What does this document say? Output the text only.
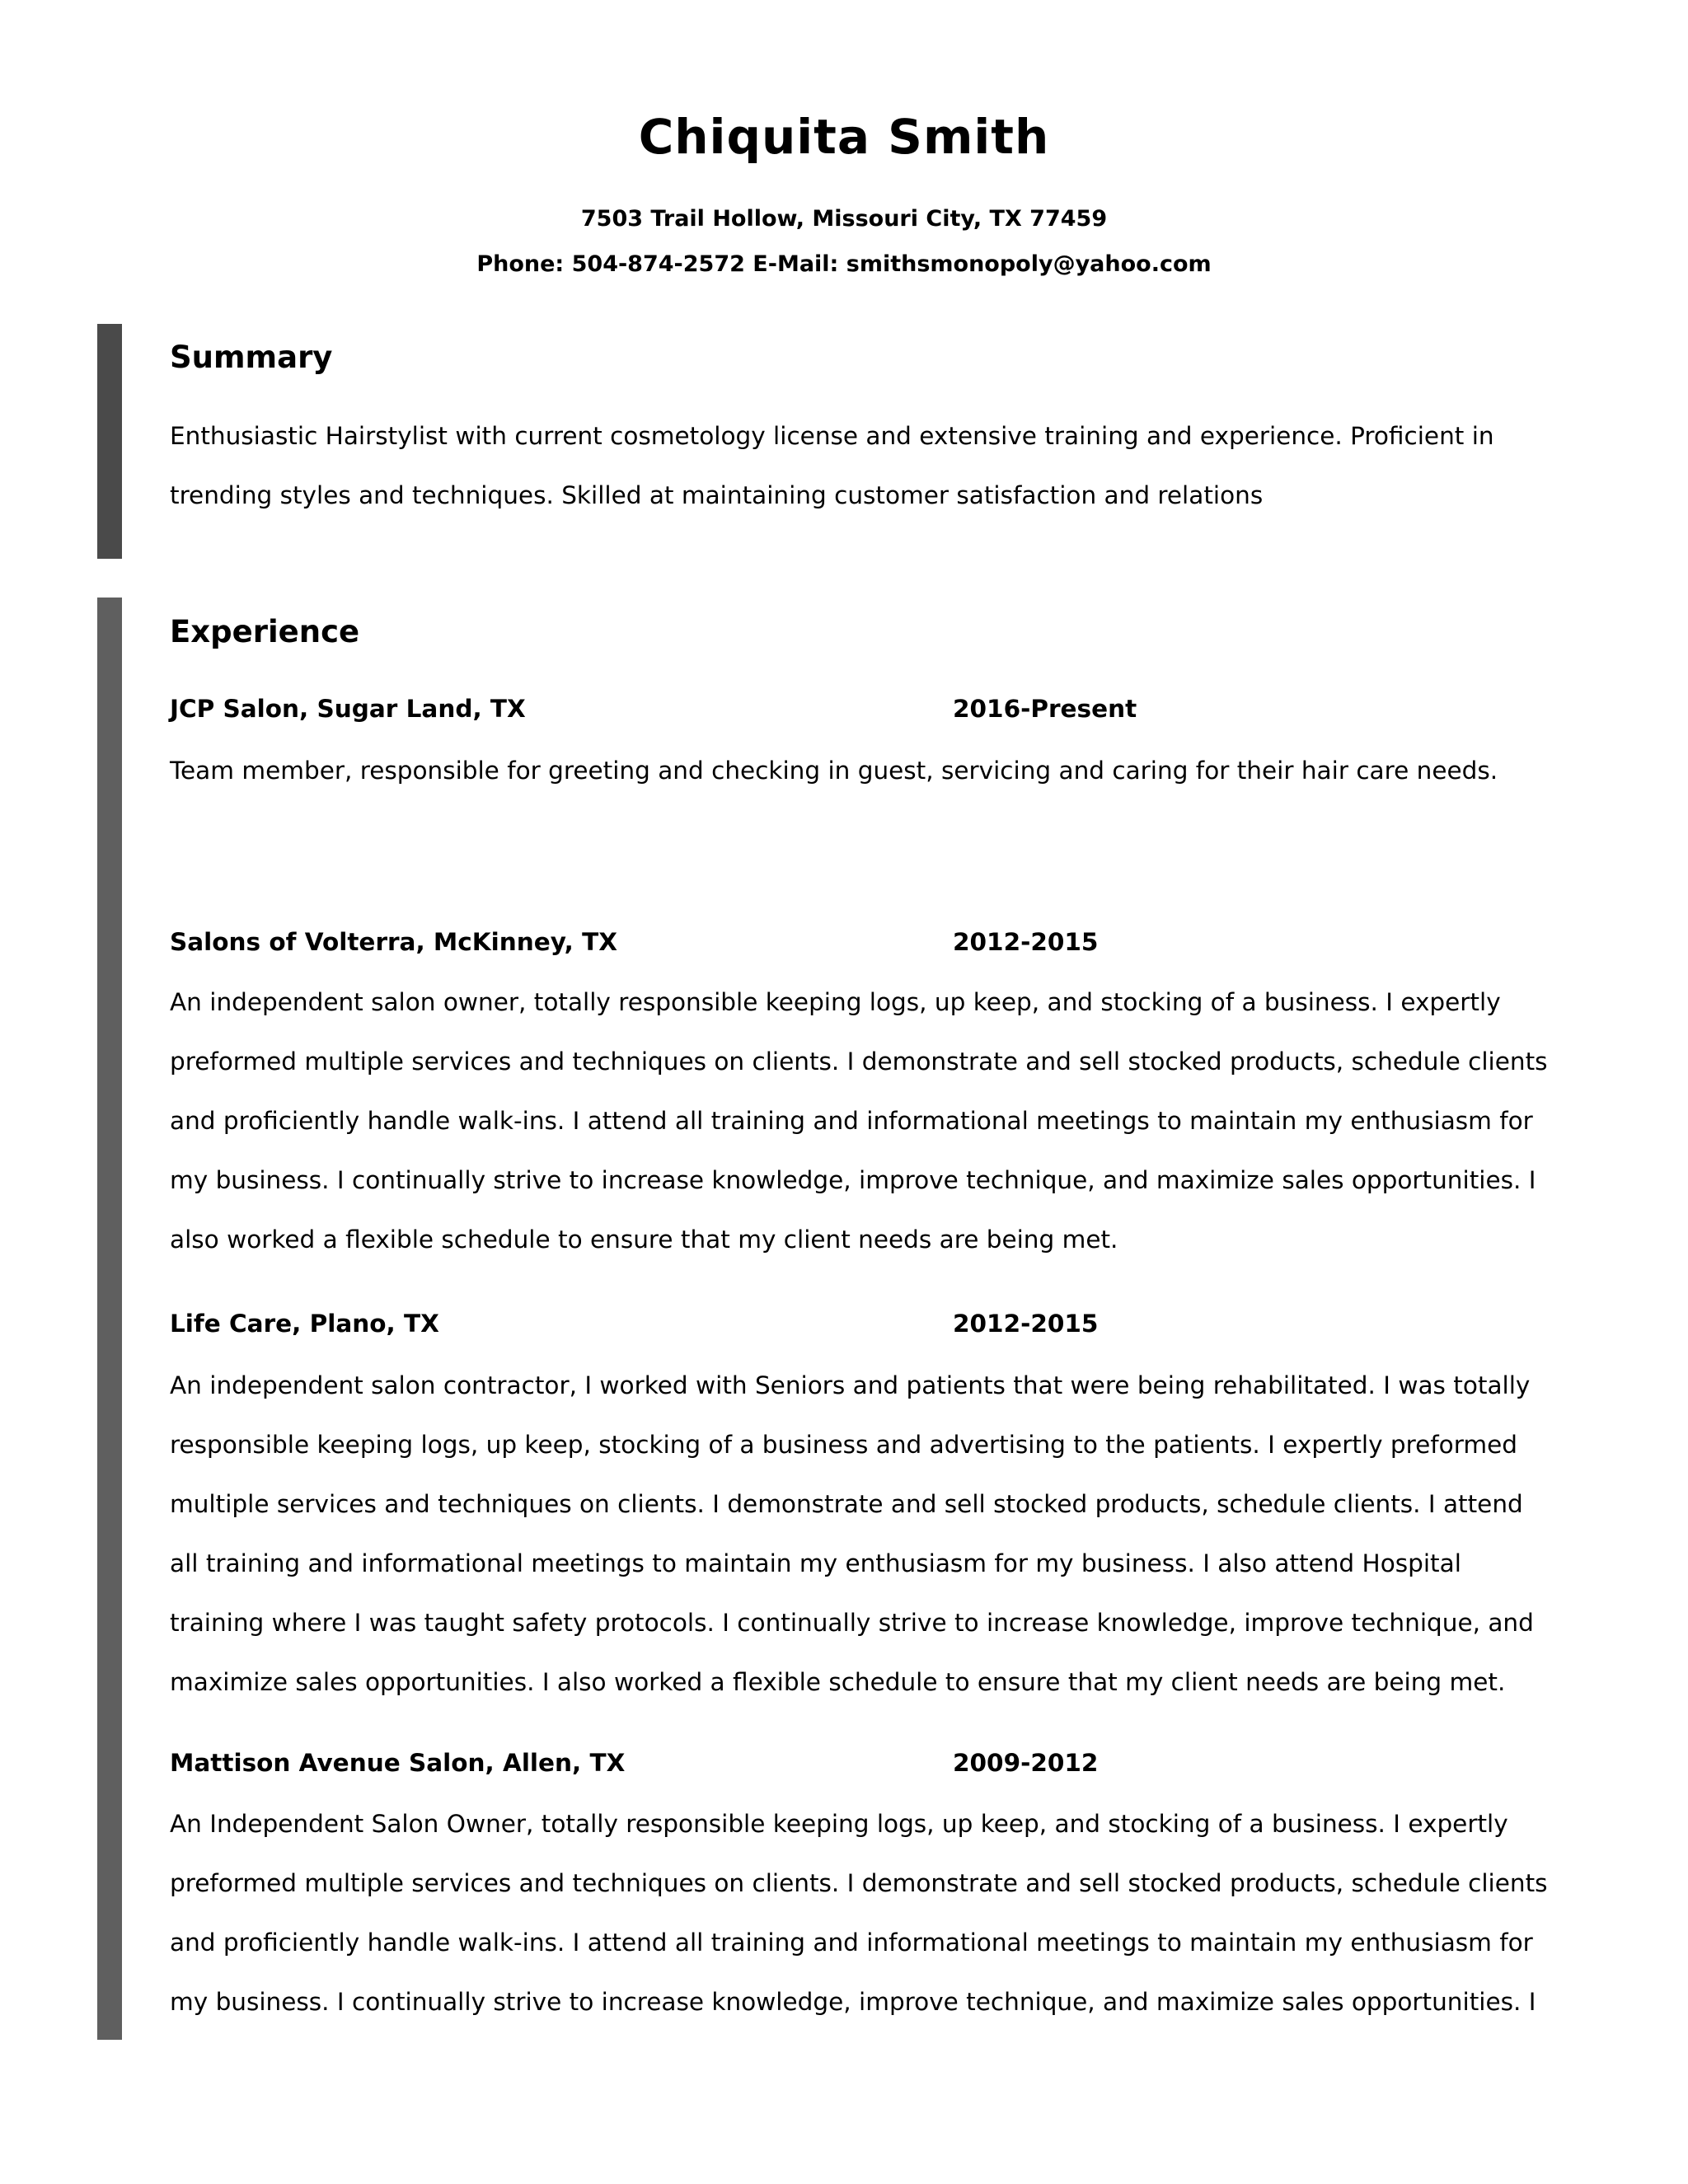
Chiquita Smith
7503 Trail Hollow, Missouri City, TX 77459
Phone: 504-874-2572 E-Mail: smithsmonopoly@yahoo.com
Summary
Enthusiastic Hairstylist with current cosmetology license and extensive training and experience. Proficient in
trending styles and techniques. Skilled at maintaining customer satisfaction and relations
Experience
JCP Salon, Sugar Land, TX	2016-Present
Team member, responsible for greeting and checking in guest, servicing and caring for their hair care needs.
Salons of Volterra, McKinney, TX	2012-2015
An independent salon owner, totally responsible keeping logs, up keep, and stocking of a business. I expertly
preformed multiple services and techniques on clients. I demonstrate and sell stocked products, schedule clients
and proficiently handle walk-ins. I attend all training and informational meetings to maintain my enthusiasm for
my business. I continually strive to increase knowledge, improve technique, and maximize sales opportunities. I
also worked a flexible schedule to ensure that my client needs are being met.
Life Care, Plano, TX	2012-2015
An independent salon contractor, I worked with Seniors and patients that were being rehabilitated. I was totally
responsible keeping logs, up keep, stocking of a business and advertising to the patients. I expertly preformed
multiple services and techniques on clients. I demonstrate and sell stocked products, schedule clients. I attend
all training and informational meetings to maintain my enthusiasm for my business. I also attend Hospital
training where I was taught safety protocols. I continually strive to increase knowledge, improve technique, and
maximize sales opportunities. I also worked a flexible schedule to ensure that my client needs are being met.
Mattison Avenue Salon, Allen, TX	2009-2012
An Independent Salon Owner, totally responsible keeping logs, up keep, and stocking of a business. I expertly
preformed multiple services and techniques on clients. I demonstrate and sell stocked products, schedule clients
and proficiently handle walk-ins. I attend all training and informational meetings to maintain my enthusiasm for
my business. I continually strive to increase knowledge, improve technique, and maximize sales opportunities. I
